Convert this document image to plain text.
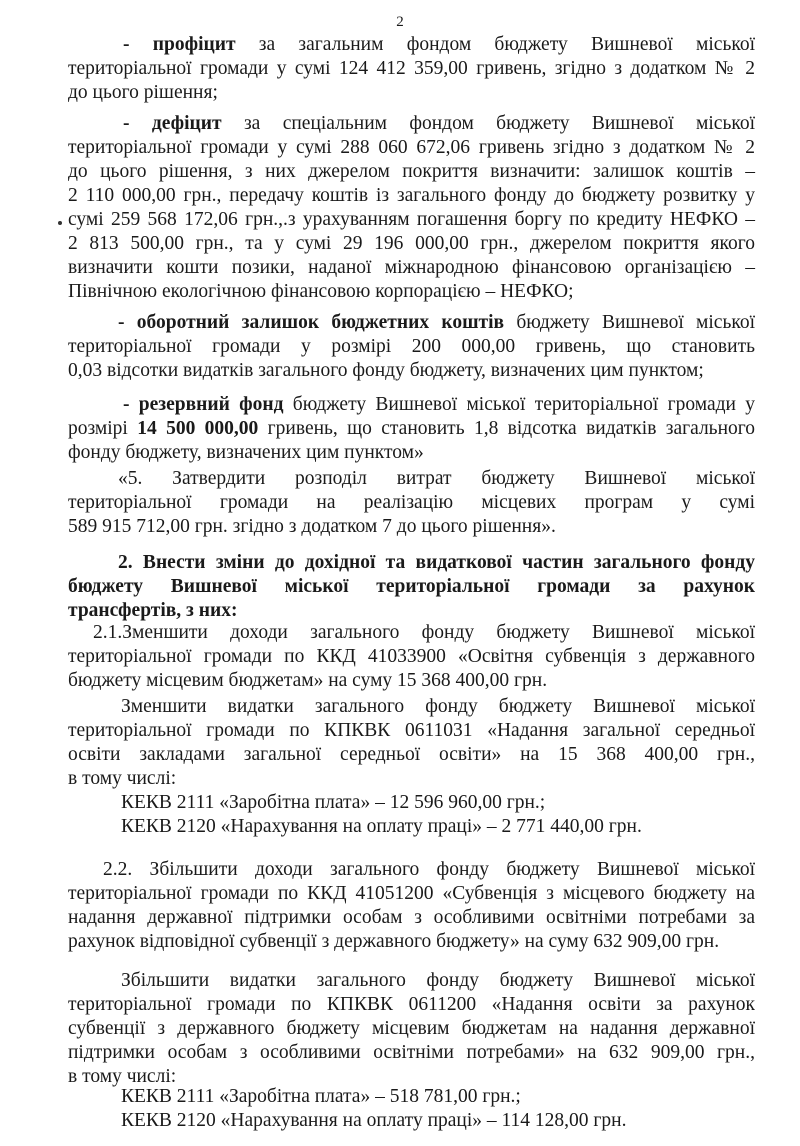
2
- профіцит за загальним фондом бюджету Вишневої міської
територіальної громади у сумі 124 412 359,00 гривень, згідно з додатком № 2
до цього рішення;
- дефіцит за спеціальним фондом бюджету Вишневої міської
територіальної громади у сумі 288 060 672,06 гривень згідно з додатком № 2
до цього рішення, з них джерелом покриття визначити: залишок коштів –
2 110 000,00 грн., передачу коштів із загального фонду до бюджету розвитку у
сумі 259 568 172,06 грн.,.з урахуванням погашення боргу по кредиту НЕФКО –
2 813 500,00 грн., та у сумі 29 196 000,00 грн., джерелом покриття якого
визначити кошти позики, наданої міжнародною фінансовою організацією –
Північною екологічною фінансовою корпорацією – НЕФКО;
- оборотний залишок бюджетних коштів бюджету Вишневої міської
територіальної громади у розмірі 200 000,00 гривень, що становить
0,03 відсотки видатків загального фонду бюджету, визначених цим пунктом;
- резервний фонд бюджету Вишневої міської територіальної громади у
розмірі 14 500 000,00 гривень, що становить 1,8 відсотка видатків загального
фонду бюджету, визначених цим пунктом»
«5. Затвердити розподіл витрат бюджету Вишневої міської
територіальної громади на реалізацію місцевих програм у сумі
589 915 712,00 грн. згідно з додатком 7 до цього рішення».
2. Внести зміни до дохідної та видаткової частин загального фонду
бюджету Вишневої міської територіальної громади за рахунок
трансфертів, з них:
2.1.Зменшити доходи загального фонду бюджету Вишневої міської
територіальної громади по ККД 41033900 «Освітня субвенція з державного
бюджету місцевим бюджетам» на суму 15 368 400,00 грн.
Зменшити видатки загального фонду бюджету Вишневої міської
територіальної громади по КПКВК 0611031 «Надання загальної середньої
освіти закладами загальної середньої освіти» на 15 368 400,00 грн.,
в тому числі:
КЕКВ 2111 «Заробітна плата» – 12 596 960,00 грн.;
КЕКВ 2120 «Нарахування на оплату праці» – 2 771 440,00 грн.
2.2. Збільшити доходи загального фонду бюджету Вишневої міської
територіальної громади по ККД 41051200 «Субвенція з місцевого бюджету на
надання державної підтримки особам з особливими освітніми потребами за
рахунок відповідної субвенції з державного бюджету» на суму 632 909,00 грн.
Збільшити видатки загального фонду бюджету Вишневої міської
територіальної громади по КПКВК 0611200 «Надання освіти за рахунок
субвенції з державного бюджету місцевим бюджетам на надання державної
підтримки особам з особливими освітніми потребами» на 632 909,00 грн.,
в тому числі:
КЕКВ 2111 «Заробітна плата» – 518 781,00 грн.;
КЕКВ 2120 «Нарахування на оплату праці» – 114 128,00 грн.
